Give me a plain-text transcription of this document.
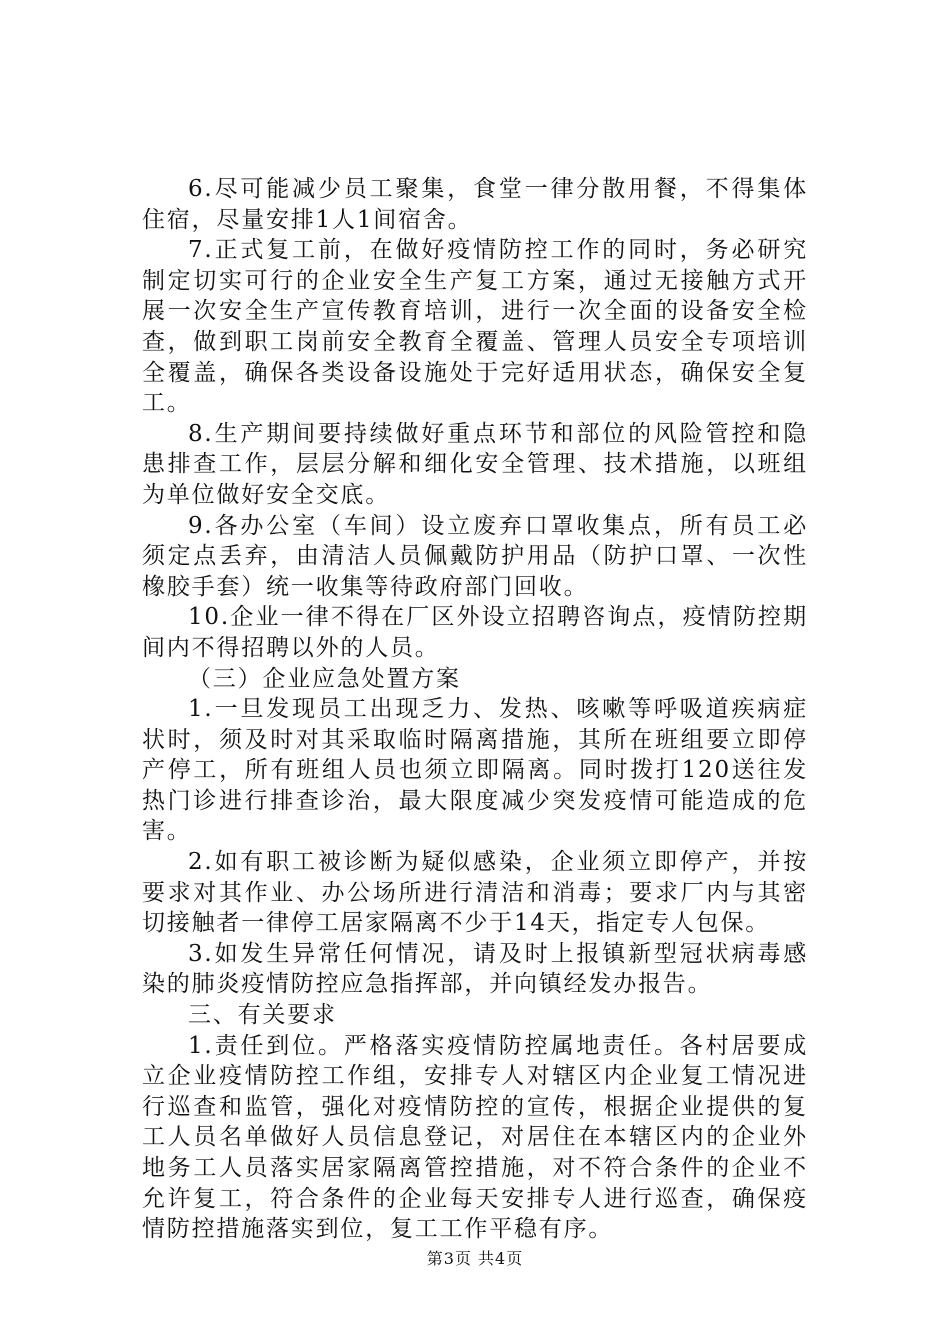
6.尽可能减少员工聚集，食堂一律分散用餐，不得集体住宿，尽量安排1人1间宿舍。

7.正式复工前，在做好疫情防控工作的同时，务必研究制定切实可行的企业安全生产复工方案，通过无接触方式开展一次安全生产宣传教育培训，进行一次全面的设备安全检查，做到职工岗前安全教育全覆盖、管理人员安全专项培训全覆盖，确保各类设备设施处于完好适用状态，确保安全复工。

8.生产期间要持续做好重点环节和部位的风险管控和隐患排查工作，层层分解和细化安全管理、技术措施，以班组为单位做好安全交底。

9.各办公室（车间）设立废弃口罩收集点，所有员工必须定点丢弃，由清洁人员佩戴防护用品（防护口罩、一次性橡胶手套）统一收集等待政府部门回收。

10.企业一律不得在厂区外设立招聘咨询点，疫情防控期间内不得招聘以外的人员。

（三）企业应急处置方案

1.一旦发现员工出现乏力、发热、咳嗽等呼吸道疾病症状时，须及时对其采取临时隔离措施，其所在班组要立即停产停工，所有班组人员也须立即隔离。同时拨打120送往发热门诊进行排查诊治，最大限度减少突发疫情可能造成的危害。

2.如有职工被诊断为疑似感染，企业须立即停产，并按要求对其作业、办公场所进行清洁和消毒；要求厂内与其密切接触者一律停工居家隔离不少于14天，指定专人包保。

3.如发生异常任何情况，请及时上报镇新型冠状病毒感染的肺炎疫情防控应急指挥部，并向镇经发办报告。

三、有关要求

1.责任到位。严格落实疫情防控属地责任。各村居要成立企业疫情防控工作组，安排专人对辖区内企业复工情况进行巡查和监管，强化对疫情防控的宣传，根据企业提供的复工人员名单做好人员信息登记，对居住在本辖区内的企业外地务工人员落实居家隔离管控措施，对不符合条件的企业不允许复工，符合条件的企业每天安排专人进行巡查，确保疫情防控措施落实到位，复工工作平稳有序。

第3页 共4页
